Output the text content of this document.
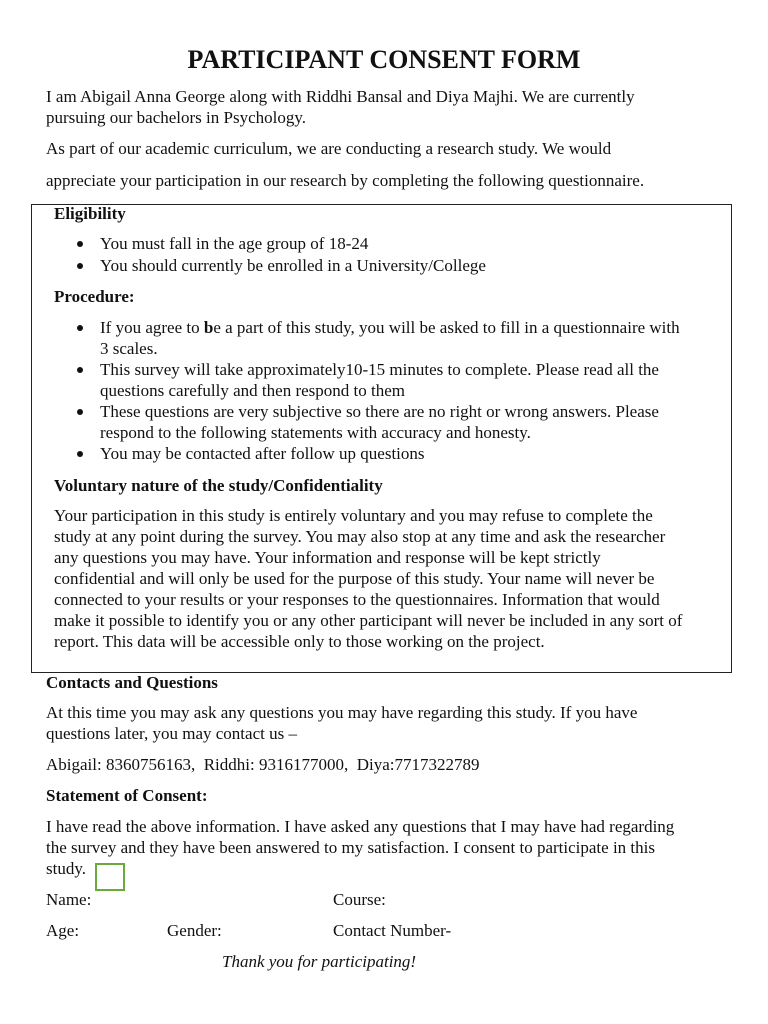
PARTICIPANT CONSENT FORM
I am Abigail Anna George along with Riddhi Bansal and Diya Majhi. We are currently
pursuing our bachelors in Psychology.
As part of our academic curriculum, we are conducting a research study. We would
appreciate your participation in our research by completing the following questionnaire.
Eligibility
You must fall in the age group of 18-24
You should currently be enrolled in a University/College
Procedure:
If you agree to be a part of this study, you will be asked to fill in a questionnaire with
3 scales.
This survey will take approximately10-15 minutes to complete. Please read all the
questions carefully and then respond to them
These questions are very subjective so there are no right or wrong answers. Please
respond to the following statements with accuracy and honesty.
You may be contacted after follow up questions
Voluntary nature of the study/Confidentiality
Your participation in this study is entirely voluntary and you may refuse to complete the
study at any point during the survey. You may also stop at any time and ask the researcher
any questions you may have. Your information and response will be kept strictly
confidential and will only be used for the purpose of this study. Your name will never be
connected to your results or your responses to the questionnaires. Information that would
make it possible to identify you or any other participant will never be included in any sort of
report. This data will be accessible only to those working on the project.
Contacts and Questions
At this time you may ask any questions you may have regarding this study. If you have
questions later, you may contact us –
Abigail: 8360756163,  Riddhi: 9316177000,  Diya:7717322789
Statement of Consent:
I have read the above information. I have asked any questions that I may have had regarding
the survey and they have been answered to my satisfaction. I consent to participate in this
study.
Name:	Course:
Age:	Gender:	Contact Number-
Thank you for participating!
